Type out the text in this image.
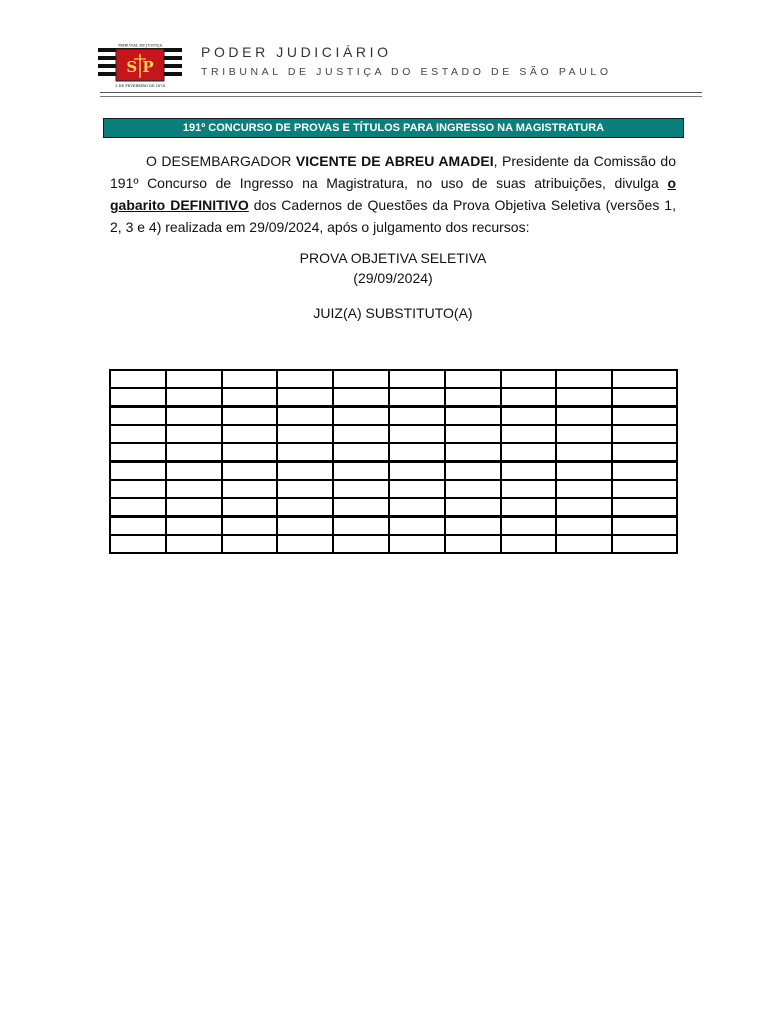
TRIBUNAL DE JUSTIÇA
S P
3 DE FEVEREIRO DE 1874
PODER JUDICIÁRIO
TRIBUNAL DE JUSTIÇA DO ESTADO DE SÃO PAULO
191º CONCURSO DE PROVAS E TÍTULOS PARA INGRESSO NA MAGISTRATURA
O DESEMBARGADOR VICENTE DE ABREU AMADEI, Presidente da Comissão do 191º Concurso de Ingresso na Magistratura, no uso de suas atribuições, divulga o gabarito DEFINITIVO dos Cadernos de Questões da Prova Objetiva Seletiva (versões 1, 2, 3 e 4) realizada em 29/09/2024, após o julgamento dos recursos:
PROVA OBJETIVA SELETIVA
(29/09/2024)
JUIZ(A) SUBSTITUTO(A)
